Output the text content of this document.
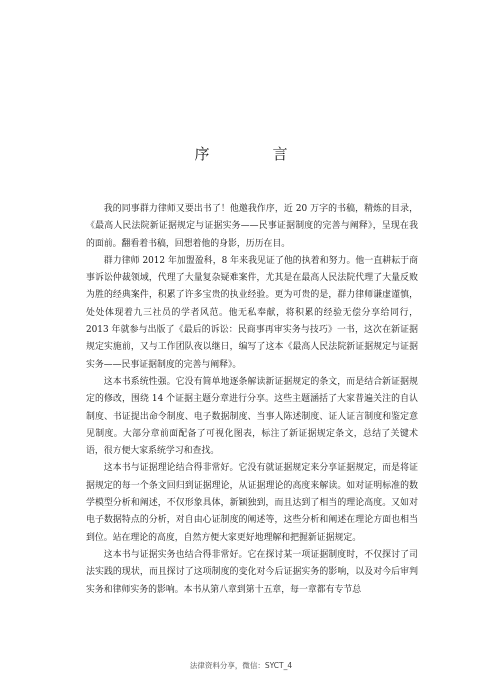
序　言

我的同事群力律师又要出书了！他邀我作序，近 20 万字的书稿，精炼的目录，《最高人民法院新证据规定与证据实务——民事证据制度的完善与阐释》，呈现在我的面前。翻看着书稿，回想着他的身影，历历在目。

群力律师 2012 年加盟盈科，8 年来我见证了他的执着和努力。他一直耕耘于商事诉讼仲裁领域，代理了大量复杂疑难案件，尤其是在最高人民法院代理了大量反败为胜的经典案件，积累了许多宝贵的执业经验。更为可贵的是，群力律师谦虚谨慎，处处体现着九三社员的学者风范。他无私奉献，将积累的经验无偿分享给同行，2013 年就参与出版了《最后的诉讼：民商事再审实务与技巧》一书，这次在新证据规定实施前，又与工作团队夜以继日，编写了这本《最高人民法院新证据规定与证据实务——民事证据制度的完善与阐释》。

这本书系统性强。它没有简单地逐条解读新证据规定的条文，而是结合新证据规定的修改，围绕 14 个证据主题分章进行分享。这些主题涵括了大家普遍关注的自认制度、书证提出命令制度、电子数据制度、当事人陈述制度、证人证言制度和鉴定意见制度。大部分章前面配备了可视化图表，标注了新证据规定条文，总结了关键术语，很方便大家系统学习和查找。

这本书与证据理论结合得非常好。它没有就证据规定来分享证据规定，而是将证据规定的每一个条文回归到证据理论，从证据理论的高度来解读。如对证明标准的数学模型分析和阐述，不仅形象具体，新颖独到，而且达到了相当的理论高度。又如对电子数据特点的分析，对自由心证制度的阐述等，这些分析和阐述在理论方面也相当到位。站在理论的高度，自然方便大家更好地理解和把握新证据规定。

这本书与证据实务也结合得非常好。它在探讨某一项证据制度时，不仅探讨了司法实践的现状，而且探讨了这项制度的变化对今后证据实务的影响，以及对今后审判实务和律师实务的影响。本书从第八章到第十五章，每一章都有专节总

法律资料分享，微信：SYCT_4
